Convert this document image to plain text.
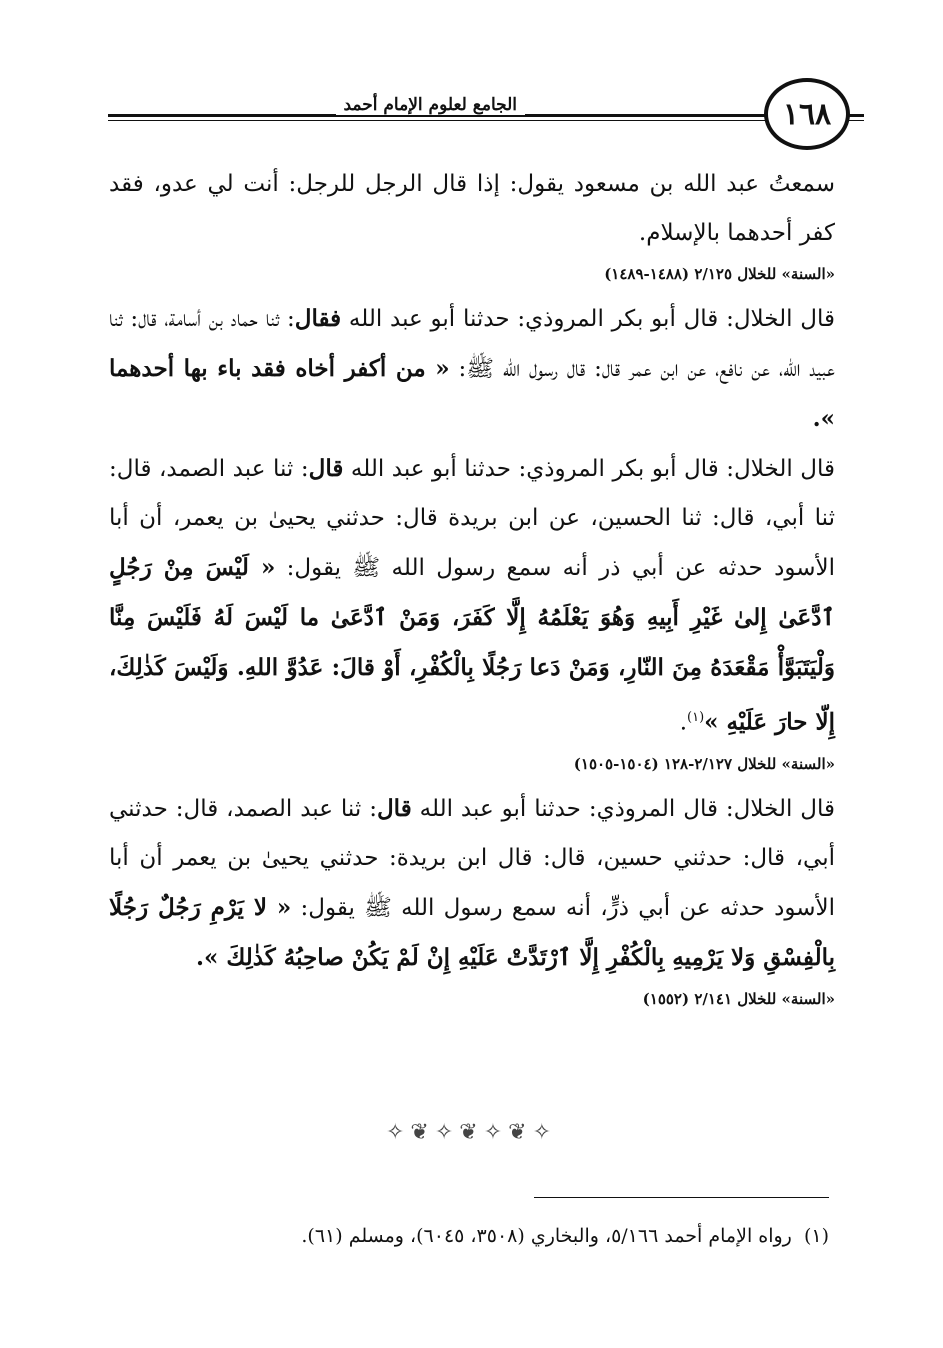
١٦٨
الجامع لعلوم الإمام أحمد

سمعتُ عبد الله بن مسعود يقول: إذا قال الرجل للرجل: أنت لي عدو، فقد كفر أحدهما بالإسلام.

«السنة» للخلال ٢/١٢٥ (١٤٨٨-١٤٨٩)

قال الخلال: قال أبو بكر المروذي: حدثنا أبو عبد الله فقال: ثنا حماد بن أسامة، قال: ثنا عبيد الله، عن نافع، عن ابن عمر قال: قال رسول الله ﷺ: « من أكفر أخاه فقد باء بها أحدهما ».

قال الخلال: قال أبو بكر المروذي: حدثنا أبو عبد الله قال: ثنا عبد الصمد، قال: ثنا أبي، قال: ثنا الحسين، عن ابن بريدة قال: حدثني يحيىٰ بن يعمر، أن أبا الأسود حدثه عن أبي ذر أنه سمع رسول الله ﷺ يقول: « لَيْسَ مِنْ رَجُلٍ ٱدَّعَىٰ إِلىٰ غَيْرِ أَبِيهِ وَهُوَ يَعْلَمُهُ إِلَّا كَفَرَ، وَمَنْ ٱدَّعَىٰ ما لَيْسَ لَهُ فَلَيْسَ مِنَّا وَلْيَتَبَوَّأْ مَقْعَدَهُ مِنَ النّارِ، وَمَنْ دَعا رَجُلًا بِالْكُفْرِ، أَوْ قالَ: عَدُوَّ اللهِ. وَلَيْسَ كَذٰلِكَ، إِلّا حارَ عَلَيْهِ »$^{(١)}$.

«السنة» للخلال ٢/١٢٧-١٢٨ (١٥٠٤-١٥٠٥)

قال الخلال: قال المروذي: حدثنا أبو عبد الله قال: ثنا عبد الصمد، قال: حدثني أبي، قال: حدثني حسين، قال: قال ابن بريدة: حدثني يحيىٰ بن يعمر أن أبا الأسود حدثه عن أبي ذرٍّ، أنه سمع رسول الله ﷺ يقول: « لا يَرْمِ رَجُلٌ رَجُلًا بِالْفِسْقِ وَلا يَرْمِيهِ بِالْكُفْرِ إِلَّا ٱرْتَدَّتْ عَلَيْهِ إِنْ لَمْ يَكُنْ صاحِبُهُ كَذٰلِكَ ».

«السنة» للخلال ٢/١٤١ (١٥٥٢)

✧❦✧❦✧❦✧
(١)  رواه الإمام أحمد ٥/١٦٦، والبخاري (٣٥٠٨، ٦٠٤٥)، ومسلم (٦١).
